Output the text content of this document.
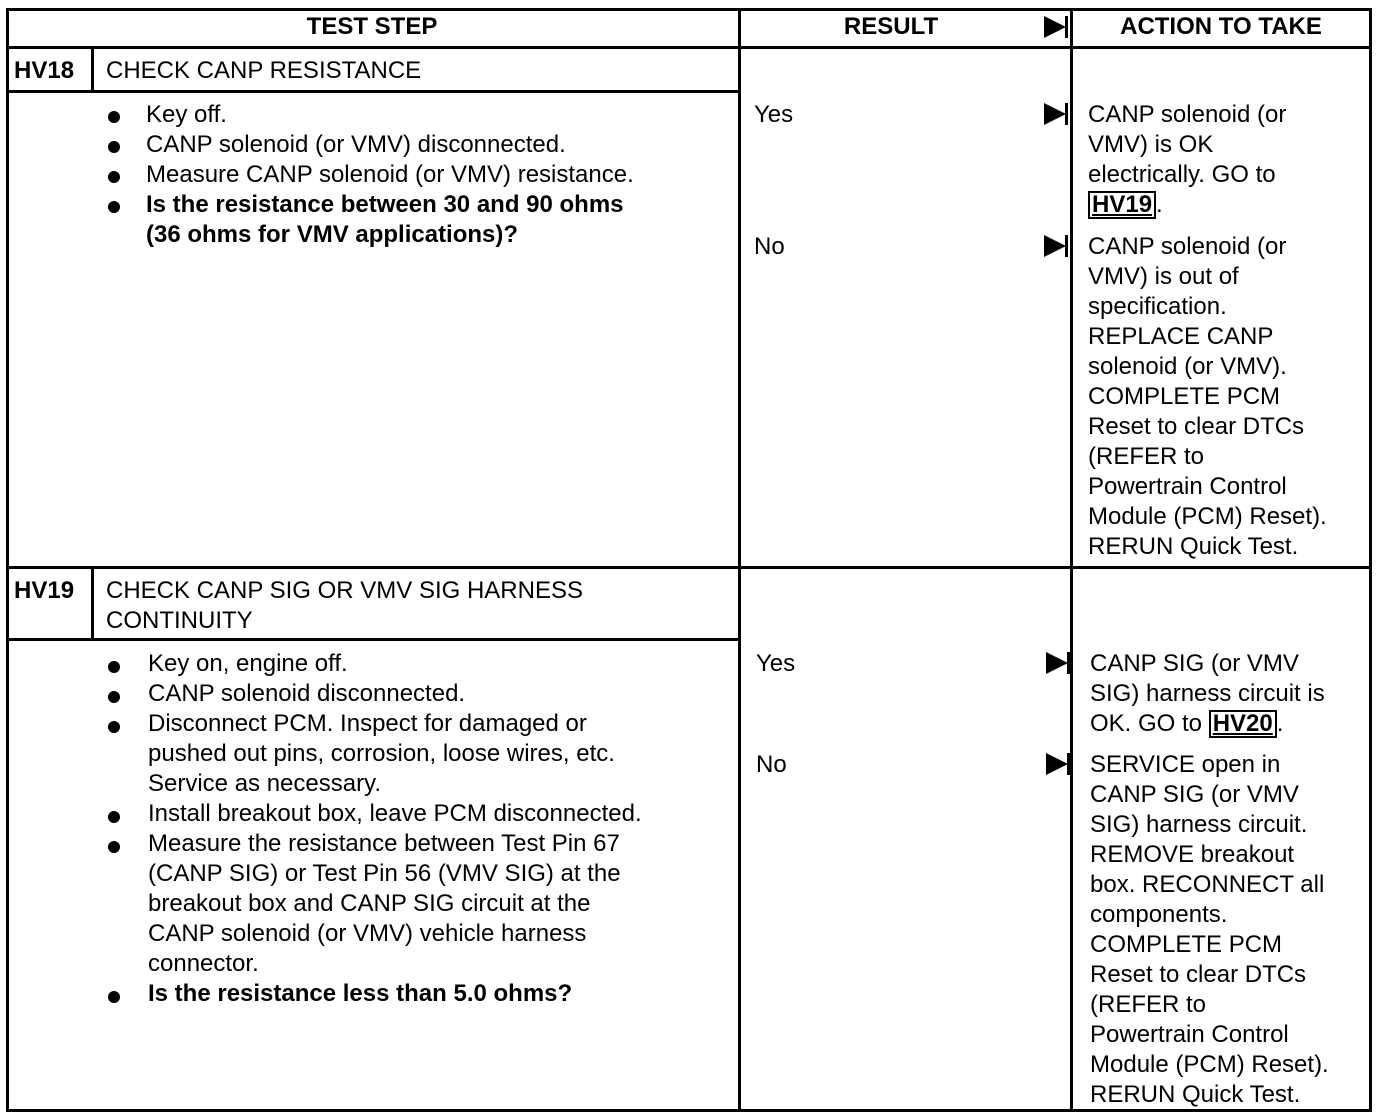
TEST STEP	RESULT	ACTION TO TAKE
HV18 CHECK CANP RESISTANCE
Key off.
CANP solenoid (or VMV) disconnected.
Measure CANP solenoid (or VMV) resistance.
Is the resistance between 30 and 90 ohms
(36 ohms for VMV applications)?
Yes	CANP solenoid (or
VMV) is OK
electrically. GO to
HV19 .
No	CANP solenoid (or
VMV) is out of
specification.
REPLACE CANP
solenoid (or VMV).
COMPLETE PCM
Reset to clear DTCs
(REFER to
Powertrain Control
Module (PCM) Reset).
RERUN Quick Test.
HV19 CHECK CANP SIG OR VMV SIG HARNESS
CONTINUITY
Key on, engine off.
CANP solenoid disconnected.
Disconnect PCM. Inspect for damaged or
pushed out pins, corrosion, loose wires, etc.
Service as necessary.
Install breakout box, leave PCM disconnected.
Measure the resistance between Test Pin 67
(CANP SIG) or Test Pin 56 (VMV SIG) at the
breakout box and CANP SIG circuit at the
CANP solenoid (or VMV) vehicle harness
connector.
Is the resistance less than 5.0 ohms?
Yes	CANP SIG (or VMV
SIG) harness circuit is
OK. GO to HV20 .
No	SERVICE open in
CANP SIG (or VMV
SIG) harness circuit.
REMOVE breakout
box. RECONNECT all
components.
COMPLETE PCM
Reset to clear DTCs
(REFER to
Powertrain Control
Module (PCM) Reset).
RERUN Quick Test.
